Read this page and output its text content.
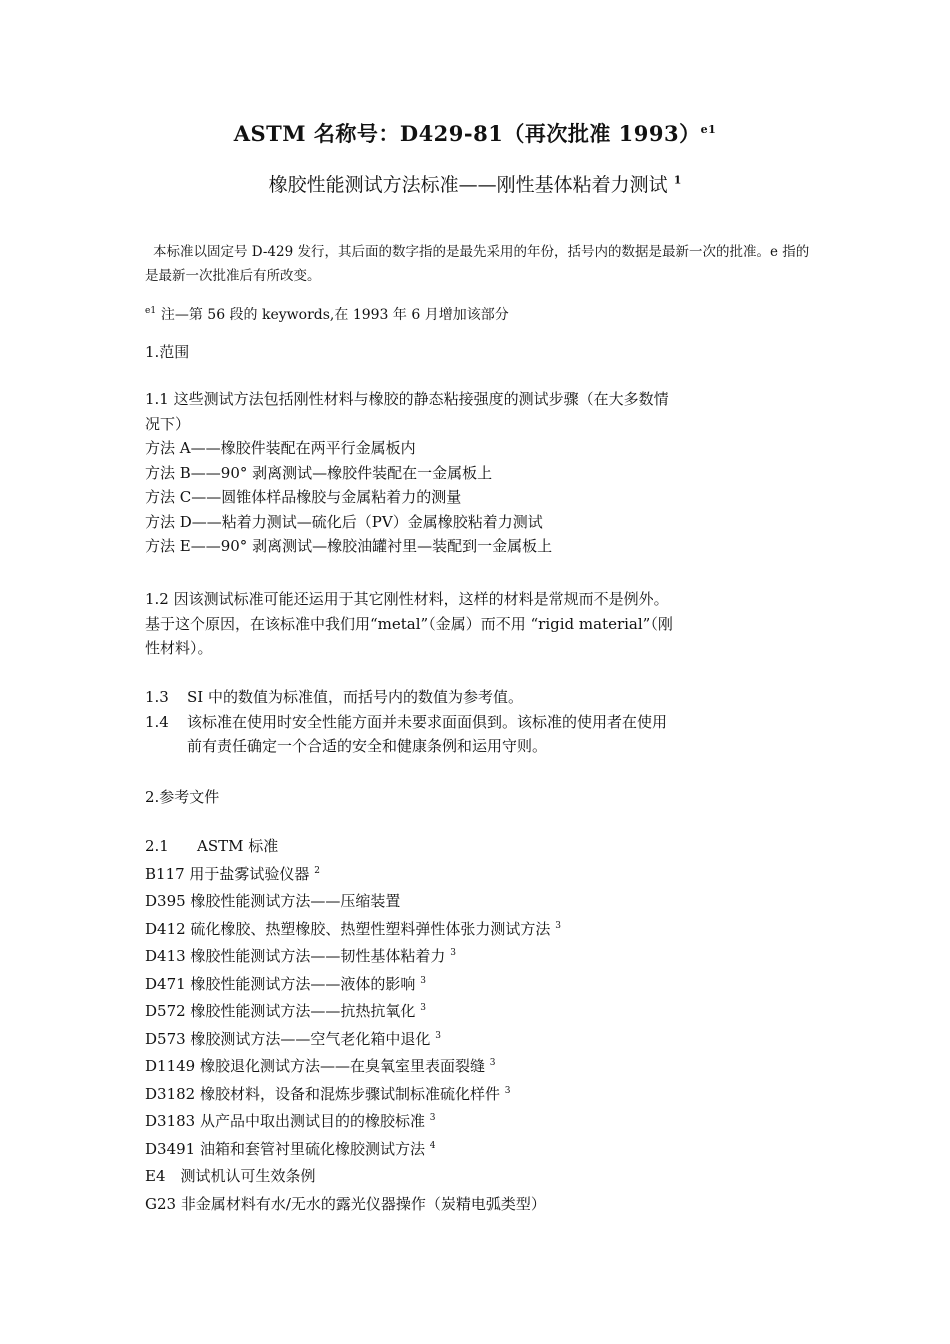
ASTM 名称号：D429-81（再次批准 1993）$^{e1}$
橡胶性能测试方法标准——刚性基体粘着力测试 $^1$
本标准以固定号 D-429 发行，其后面的数字指的是最先采用的年份，括号内的数据是最新一次的批准。e 指的是最新一次批准后有所改变。
$^{e1}$ 注—第 56 段的 keywords,在 1993 年 6 月增加该部分
1.范围
1.1 这些测试方法包括刚性材料与橡胶的静态粘接强度的测试步骤（在大多数情
况下）
方法 A——橡胶件装配在两平行金属板内
方法 B——90° 剥离测试—橡胶件装配在一金属板上
方法 C——圆锥体样品橡胶与金属粘着力的测量
方法 D——粘着力测试—硫化后（PV）金属橡胶粘着力测试
方法 E——90° 剥离测试—橡胶油罐衬里—装配到一金属板上
1.2 因该测试标准可能还运用于其它刚性材料，这样的材料是常规而不是例外。
基于这个原因，在该标准中我们用“metal”（金属）而不用 “rigid material”（刚
性材料）。
1.3 SI 中的数值为标准值，而括号内的数值为参考值。
1.4 该标准在使用时安全性能方面并未要求面面俱到。该标准的使用者在使用
前有责任确定一个合适的安全和健康条例和运用守则。
2.参考文件
2.1 ASTM 标准
B117 用于盐雾试验仪器 $^2$
D395 橡胶性能测试方法——压缩装置
D412 硫化橡胶、热塑橡胶、热塑性塑料弹性体张力测试方法 $^3$
D413 橡胶性能测试方法——韧性基体粘着力 $^3$
D471 橡胶性能测试方法——液体的影响 $^3$
D572 橡胶性能测试方法——抗热抗氧化 $^3$
D573 橡胶测试方法——空气老化箱中退化 $^3$
D1149 橡胶退化测试方法——在臭氧室里表面裂缝 $^3$
D3182 橡胶材料，设备和混炼步骤试制标准硫化样件 $^3$
D3183 从产品中取出测试目的的橡胶标准 $^3$
D3491 油箱和套管衬里硫化橡胶测试方法 $^4$
E4　测试机认可生效条例
G23 非金属材料有水/无水的露光仪器操作（炭精电弧类型）
